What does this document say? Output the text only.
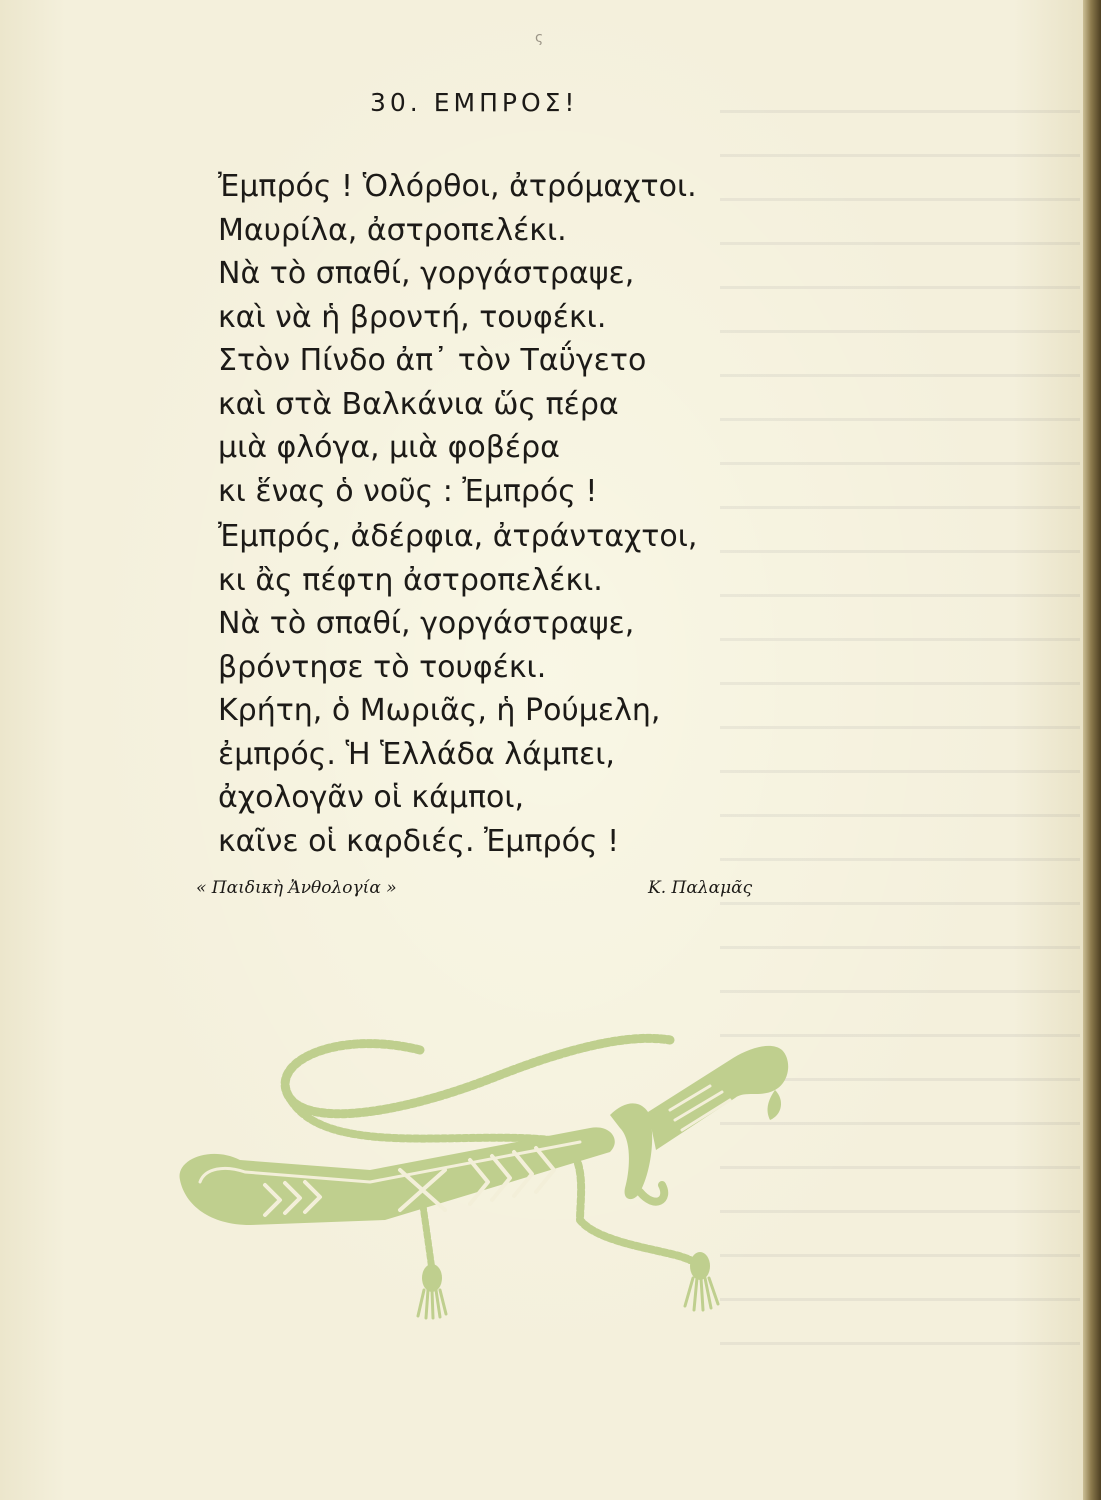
ς
30. ΕΜΠΡΟΣ!
Ἐμπρός ! Ὁλόρθοι, ἀτρόμαχτοι.
Μαυρίλα, ἀστροπελέκι.
Νὰ τὸ σπαθί, γοργάστραψε,
καὶ νὰ ἡ βροντή, τουφέκι.
Στὸν Πίνδο ἀπ᾽ τὸν Ταΰγετο
καὶ στὰ Βαλκάνια ὥς πέρα
μιὰ φλόγα, μιὰ φοβέρα
κι ἕνας ὁ νοῦς : Ἐμπρός !
Ἐμπρός, ἀδέρφια, ἀτράνταχτοι,
κι ἂς πέφτη ἀστροπελέκι.
Νὰ τὸ σπαθί, γοργάστραψε,
βρόντησε τὸ τουφέκι.
Κρήτη, ὁ Μωριᾶς, ἡ Ρούμελη,
ἐμπρός. Ἡ Ἑλλάδα λάμπει,
ἀχολογᾶν οἱ κάμποι,
καῖνε οἱ καρδιές. Ἐμπρός !
« Παιδικὴ Ἀνθολογία »	Κ. Παλαμᾶς
